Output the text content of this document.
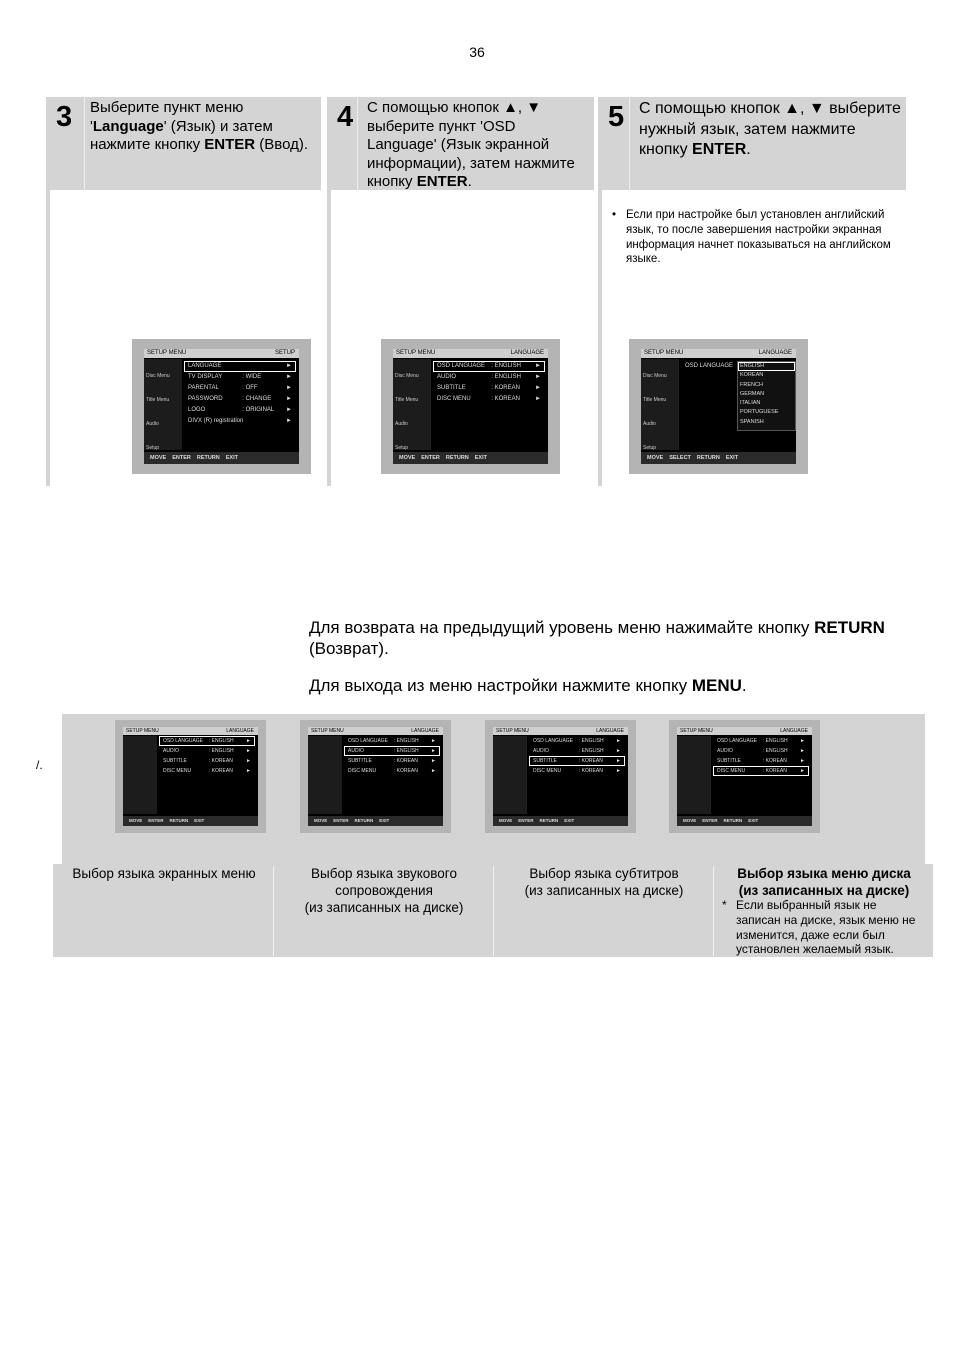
36
3 Выберите пункт меню 'Language' (Язык) и затем нажмите кнопку ENTER (Ввод).
4 С помощью кнопок ▲, ▼ выберите пункт 'OSD Language' (Язык экранной информации), затем нажмите кнопку ENTER.
5 С помощью кнопок ▲, ▼ выберите нужный язык, затем нажмите кнопку ENTER.
• Если при настройке был установлен английский язык, то после завершения настройки экранная информация начнет показываться на английском языке.
SETUP MENU	SETUP
Disc Menu
Title Menu
Audio
Setup
LANGUAGE	►
TV DISPLAY	: WIDE	►
PARENTAL	: OFF	►
PASSWORD	: CHANGE ►
LOGO	: ORIGINAL ►
DIVX (R) registration	►
MOVE ENTER RETURN EXIT
SETUP MENU	LANGUAGE
Disc Menu
Title Menu
Audio
Setup
OSD LANGUAGE : ENGLISH ►
AUDIO	: ENGLISH ►
SUBTITLE	: KOREAN	►
DISC MENU	: KOREAN	►
MOVE ENTER RETURN EXIT
SETUP MENU	LANGUAGE
Disc Menu
Title Menu
Audio
Setup
OSD LANGUAGE	ENGLISH
KOREAN
FRENCH
GERMAN
ITALIAN
PORTUGUESE
SPANISH
MOVE SELECT RETURN EXIT
Для возврата на предыдущий уровень меню нажимайте кнопку RETURN (Возврат).
Для выхода из меню настройки нажмите кнопку MENU.
/.
SETUP MENU	LANGUAGE
OSD LANGUAGE : ENGLISH ►
AUDIO	: ENGLISH ►
SUBTITLE	: KOREAN	►
DISC MENU	: KOREAN	►
MOVE ENTER RETURN EXIT
SETUP MENU	LANGUAGE
OSD LANGUAGE : ENGLISH ►
AUDIO	: ENGLISH ►
SUBTITLE	: KOREAN	►
DISC MENU	: KOREAN	►
MOVE ENTER RETURN EXIT
SETUP MENU	LANGUAGE
OSD LANGUAGE : ENGLISH ►
AUDIO	: ENGLISH ►
SUBTITLE	: KOREAN	►
DISC MENU	: KOREAN	►
MOVE ENTER RETURN EXIT
SETUP MENU	LANGUAGE
OSD LANGUAGE : ENGLISH ►
AUDIO	: ENGLISH ►
SUBTITLE	: KOREAN	►
DISC MENU	: KOREAN	►
MOVE ENTER RETURN EXIT
Выбор языка экранных меню	Выбор языка звукового сопровождения
(из записанных на диске)
Выбор языка субтитров
(из записанных на диске)
Выбор языка меню диска
(из записанных на диске)
* Если выбранный язык не записан на диске, язык меню не изменится, даже если был установлен желаемый язык.
